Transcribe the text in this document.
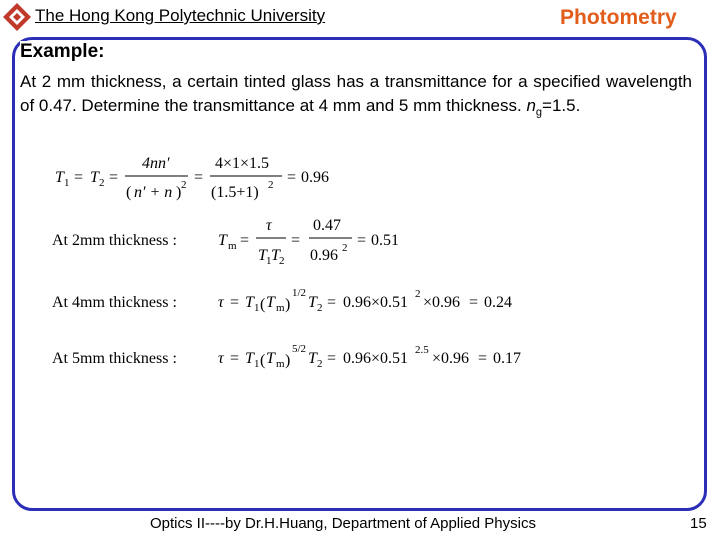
The Hong Kong Polytechnic University	Photometry
Example:
At 2 mm thickness, a certain tinted glass has a transmittance for a specified wavelength of 0.47. Determine the transmittance at 4 mm and 5 mm thickness. $n_g=1.5$.
T 1 = T 2 =
4nn′
( n′ + n ) 2 =
4×1×1.5
(1.5+1) 2 = 0.96
At 2mm thickness :	T m =
τ
T 1 T 2
=
0.47
0.96 2 = 0.51
At 4mm thickness :	τ = T 1 ( T m )
1/2
T 2 = 0.96×0.51 2 ×0.96 = 0.24
At 5mm thickness :	τ = T 1 ( T m )
5/2
T 2 = 0.96×0.51 2.5 ×0.96 = 0.17
Optics II----by Dr.H.Huang, Department of Applied Physics	15
